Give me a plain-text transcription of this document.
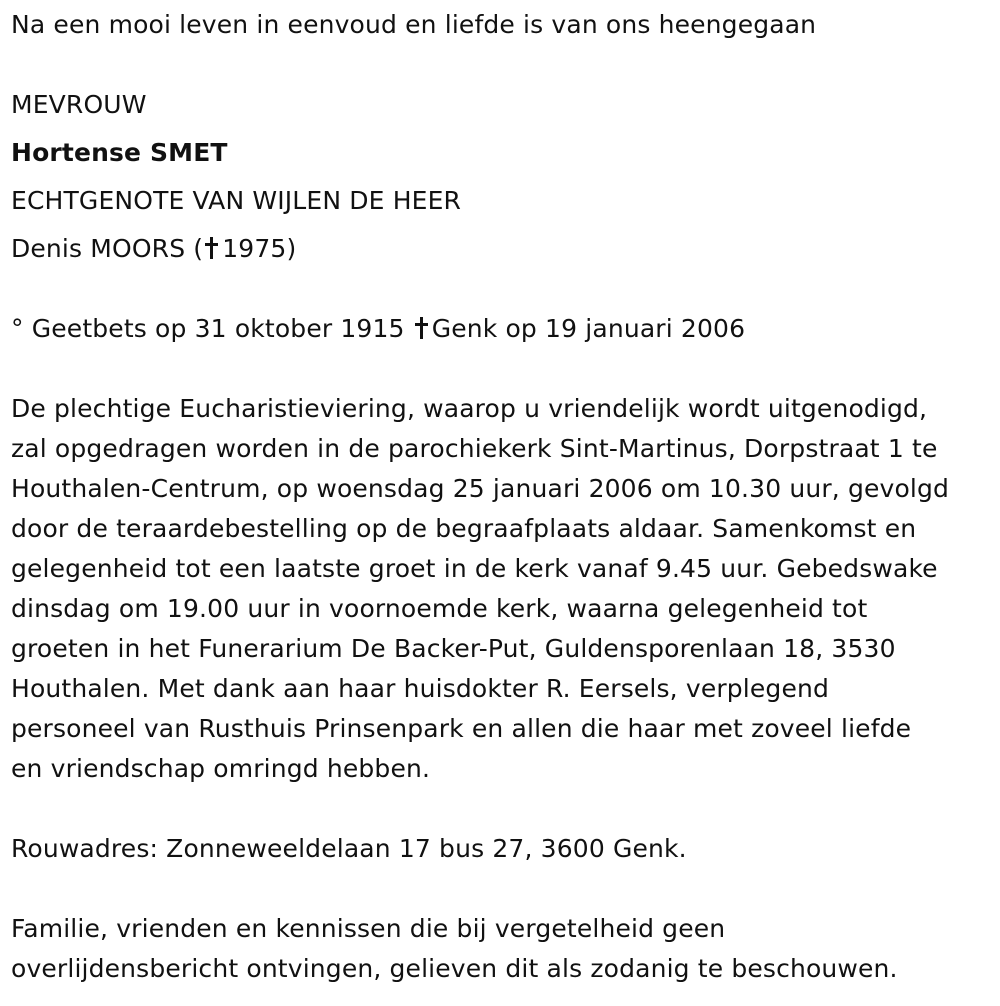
Na een mooi leven in eenvoud en liefde is van ons heengegaan
MEVROUW
Hortense SMET
ECHTGENOTE VAN WIJLEN DE HEER
Denis MOORS ( 1975)
° Geetbets op 31 oktober 1915 Genk op 19 januari 2006
De plechtige Eucharistieviering, waarop u vriendelijk wordt uitgenodigd,
zal opgedragen worden in de parochiekerk Sint-Martinus, Dorpstraat 1 te
Houthalen-Centrum, op woensdag 25 januari 2006 om 10.30 uur, gevolgd
door de teraardebestelling op de begraafplaats aldaar. Samenkomst en
gelegenheid tot een laatste groet in de kerk vanaf 9.45 uur. Gebedswake
dinsdag om 19.00 uur in voornoemde kerk, waarna gelegenheid tot
groeten in het Funerarium De Backer-Put, Guldensporenlaan 18, 3530
Houthalen. Met dank aan haar huisdokter R. Eersels, verplegend
personeel van Rusthuis Prinsenpark en allen die haar met zoveel liefde
en vriendschap omringd hebben.
Rouwadres: Zonneweeldelaan 17 bus 27, 3600 Genk.
Familie, vrienden en kennissen die bij vergetelheid geen
overlijdensbericht ontvingen, gelieven dit als zodanig te beschouwen.
